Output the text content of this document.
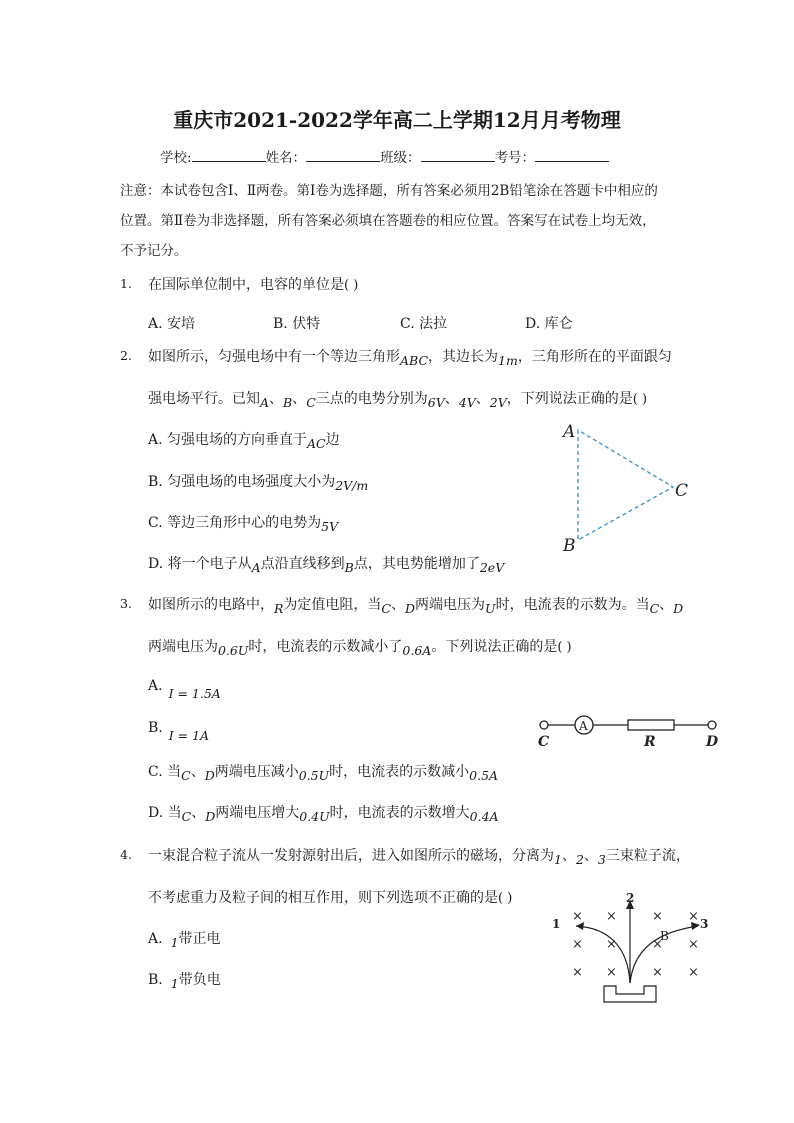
重庆市2021-2022学年高二上学期12月月考物理
学校:	姓名：	班级：	考号：
注意：本试卷包含Ⅰ、Ⅱ两卷。第Ⅰ卷为选择题，所有答案必须用2B铅笔涂在答题卡中相应的位置。第Ⅱ卷为非选择题，所有答案必须填在答题卷的相应位置。答案写在试卷上均无效，不予记分。
1. 在国际单位制中，电容的单位是( )
A. 安培	B. 伏特	C. 法拉	D. 库仑
2. 如图所示，匀强电场中有一个等边三角形ABC，其边长为1m，三角形所在的平面跟匀
强电场平行。已知A、B、C三点的电势分别为6V、4V、2V，下列说法正确的是( )
A. 匀强电场的方向垂直于AC边
B. 匀强电场的电场强度大小为2V/m
C. 等边三角形中心的电势为5V
D. 将一个电子从A点沿直线移到B点，其电势能增加了2eV
A
B
C
3. 如图所示的电路中，R为定值电阻，当C、D两端电压为U时，电流表的示数为。当C、D
两端电压为0.6U时，电流表的示数减小了0.6A。下列说法正确的是( )
A. I = 1.5A
B. I = 1A
C. 当C、D两端电压减小0.5U时，电流表的示数减小0.5A
D. 当C、D两端电压增大0.4U时，电流表的示数增大0.4A
A
C	R	D
4. 一束混合粒子流从一发射源射出后，进入如图所示的磁场，分离为1、2、3三束粒子流，
不考虑重力及粒子间的相互作用，则下列选项不正确的是( )
A. 1带正电
B. 1带负电
× ×	× ×
× ×	× ×
× ×	× ×
1
2
3
B
